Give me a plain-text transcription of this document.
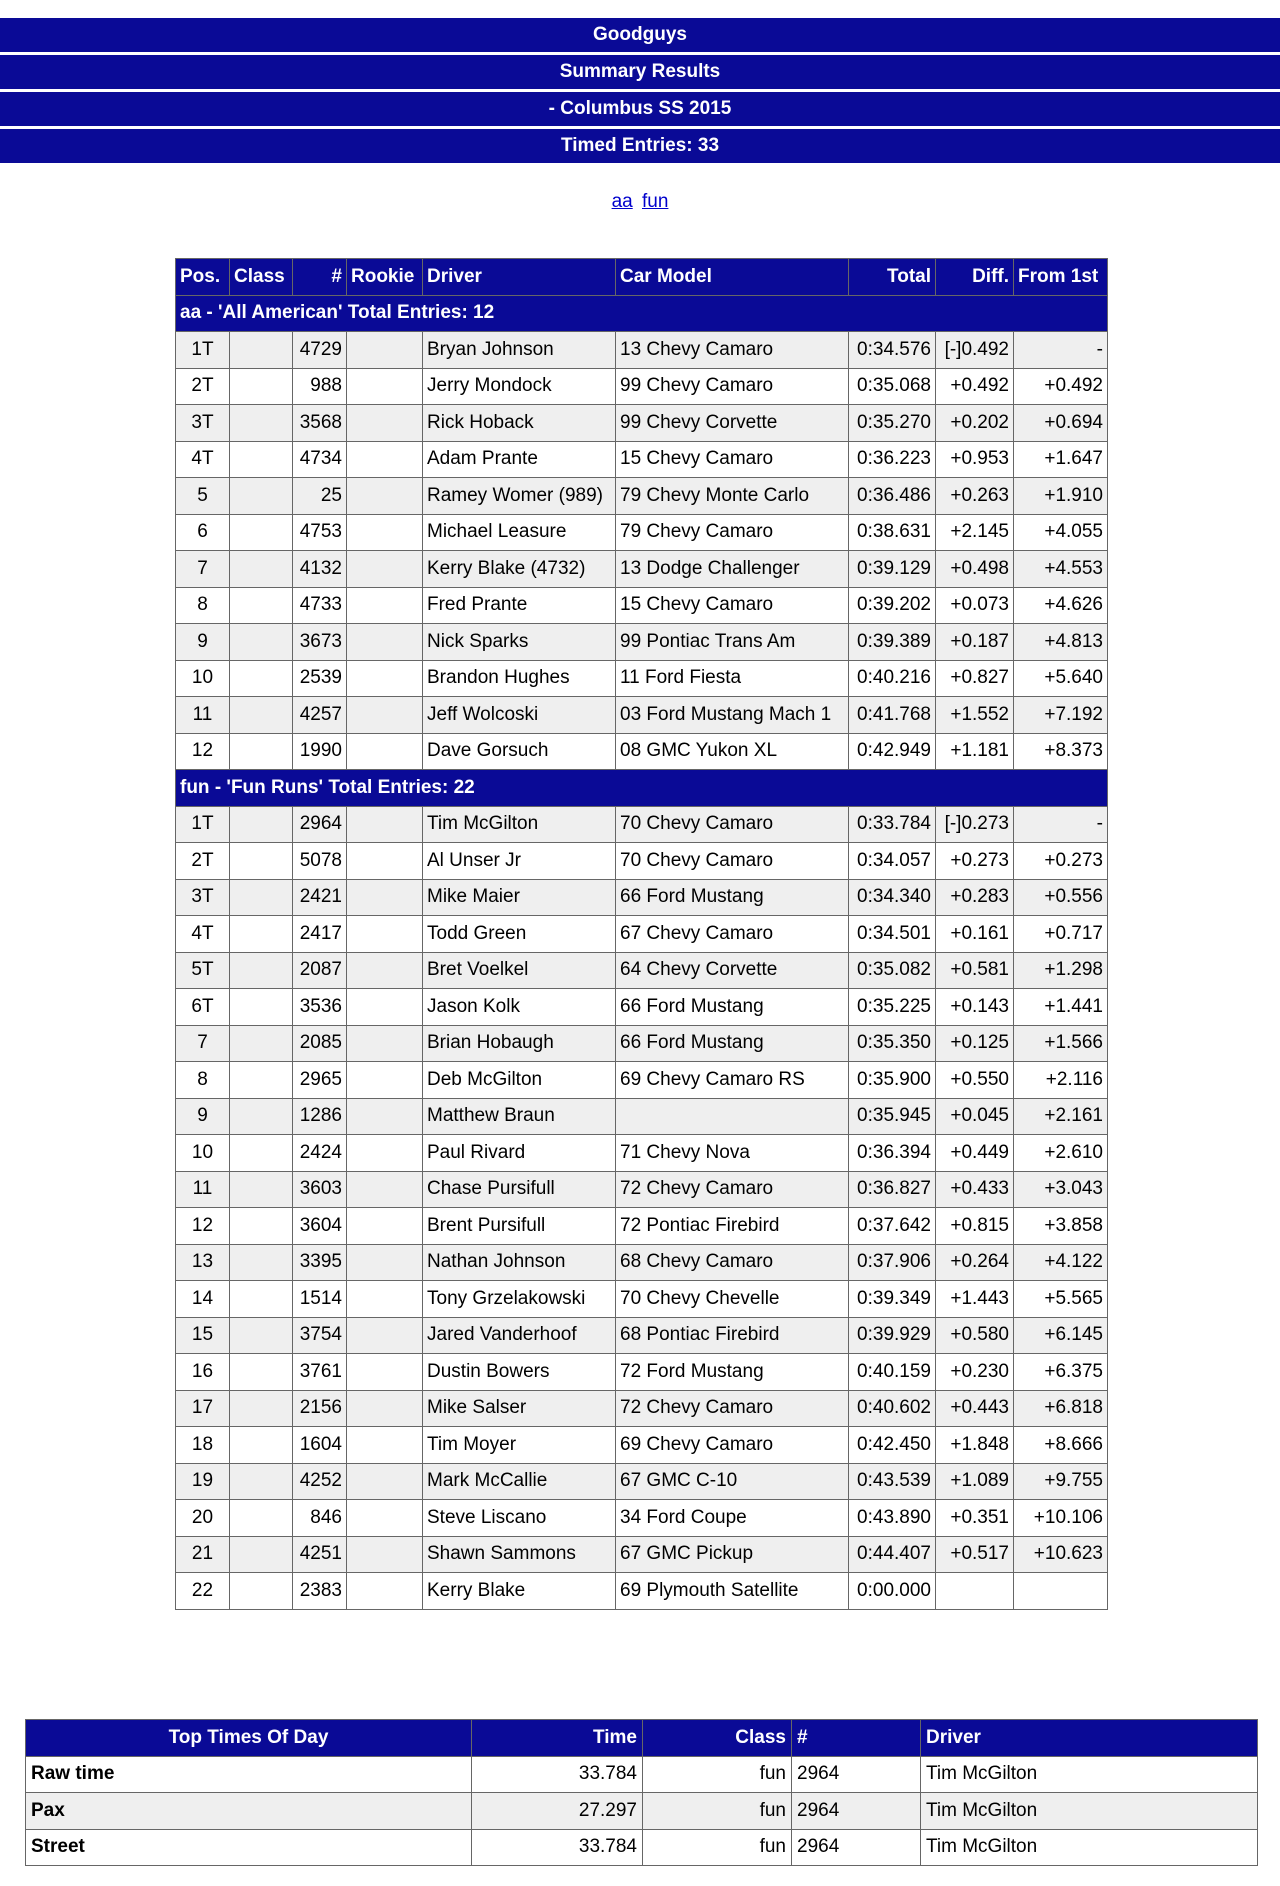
Goodguys
Summary Results
- Columbus SS 2015
Timed Entries: 33
aa fun
Pos.	Class	#	Rookie	Driver	Car Model	Total	Diff.	From 1st
aa - 'All American' Total Entries: 12								
1T		4729		Bryan Johnson	13 Chevy Camaro	0:34.576	[-]0.492	-
2T		988		Jerry Mondock	99 Chevy Camaro	0:35.068	+0.492	+0.492
3T		3568		Rick Hoback	99 Chevy Corvette	0:35.270	+0.202	+0.694
4T		4734		Adam Prante	15 Chevy Camaro	0:36.223	+0.953	+1.647
5		25		Ramey Womer (989)	79 Chevy Monte Carlo	0:36.486	+0.263	+1.910
6		4753		Michael Leasure	79 Chevy Camaro	0:38.631	+2.145	+4.055
7		4132		Kerry Blake (4732)	13 Dodge Challenger	0:39.129	+0.498	+4.553
8		4733		Fred Prante	15 Chevy Camaro	0:39.202	+0.073	+4.626
9		3673		Nick Sparks	99 Pontiac Trans Am	0:39.389	+0.187	+4.813
10		2539		Brandon Hughes	11 Ford Fiesta	0:40.216	+0.827	+5.640
11		4257		Jeff Wolcoski	03 Ford Mustang Mach 1	0:41.768	+1.552	+7.192
12		1990		Dave Gorsuch	08 GMC Yukon XL	0:42.949	+1.181	+8.373
fun - 'Fun Runs' Total Entries: 22								
1T		2964		Tim McGilton	70 Chevy Camaro	0:33.784	[-]0.273	-
2T		5078		Al Unser Jr	70 Chevy Camaro	0:34.057	+0.273	+0.273
3T		2421		Mike Maier	66 Ford Mustang	0:34.340	+0.283	+0.556
4T		2417		Todd Green	67 Chevy Camaro	0:34.501	+0.161	+0.717
5T		2087		Bret Voelkel	64 Chevy Corvette	0:35.082	+0.581	+1.298
6T		3536		Jason Kolk	66 Ford Mustang	0:35.225	+0.143	+1.441
7		2085		Brian Hobaugh	66 Ford Mustang	0:35.350	+0.125	+1.566
8		2965		Deb McGilton	69 Chevy Camaro RS	0:35.900	+0.550	+2.116
9		1286		Matthew Braun		0:35.945	+0.045	+2.161
10		2424		Paul Rivard	71 Chevy Nova	0:36.394	+0.449	+2.610
11		3603		Chase Pursifull	72 Chevy Camaro	0:36.827	+0.433	+3.043
12		3604		Brent Pursifull	72 Pontiac Firebird	0:37.642	+0.815	+3.858
13		3395		Nathan Johnson	68 Chevy Camaro	0:37.906	+0.264	+4.122
14		1514		Tony Grzelakowski	70 Chevy Chevelle	0:39.349	+1.443	+5.565
15		3754		Jared Vanderhoof	68 Pontiac Firebird	0:39.929	+0.580	+6.145
16		3761		Dustin Bowers	72 Ford Mustang	0:40.159	+0.230	+6.375
17		2156		Mike Salser	72 Chevy Camaro	0:40.602	+0.443	+6.818
18		1604		Tim Moyer	69 Chevy Camaro	0:42.450	+1.848	+8.666
19		4252		Mark McCallie	67 GMC C-10	0:43.539	+1.089	+9.755
20		846		Steve Liscano	34 Ford Coupe	0:43.890	+0.351	+10.106
21		4251		Shawn Sammons	67 GMC Pickup	0:44.407	+0.517	+10.623
22		2383		Kerry Blake	69 Plymouth Satellite	0:00.000		
Top Times Of Day	Time	Class	#	Driver
Raw time	33.784	fun	2964	Tim McGilton
Pax	27.297	fun	2964	Tim McGilton
Street	33.784	fun	2964	Tim McGilton
